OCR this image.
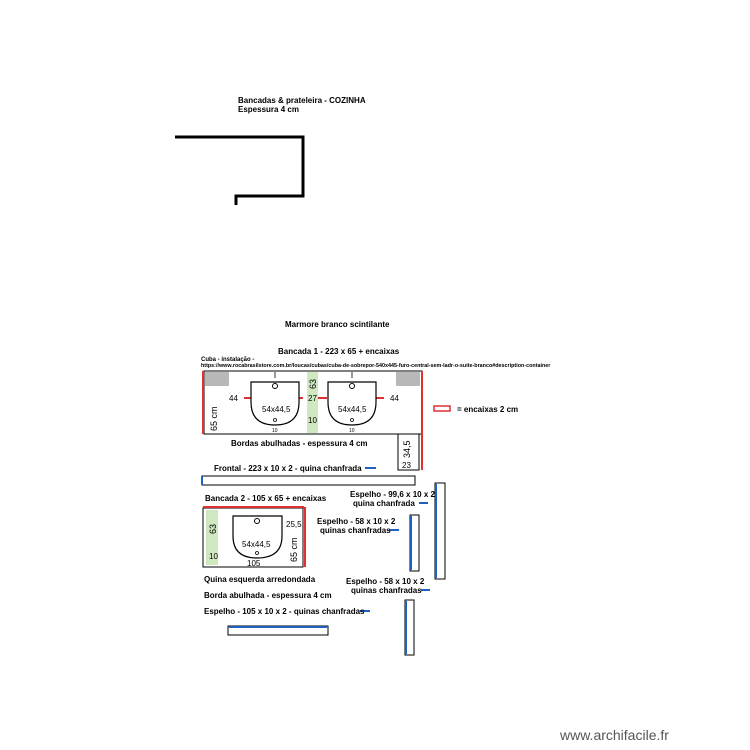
Bancadas & prateleira - COZINHA
Espessura 4 cm
Marmore branco scintilante
Bancada 1 - 223 x 65 + encaixas
Cuba - instalação -
https://www.rocabrasilstore.com.br/loucas/cubas/cuba-de-sobrepor-540x445-furo-central-sem-ladr-o-suite-branco#description-container
65 cm
44	27	44
63
10
54x44,5	54x44,5
10	10
34,5
23
Bordas abulhadas - espessura 4 cm
Frontal - 223 x 10 x 2 - quina chanfrada
= encaixas 2 cm
Bancada 2 - 105 x 65 + encaixas
63
10
25,5
65 cm
105
54x44,5
Quina esquerda arredondada
Borda abulhada - espessura 4 cm
Espelho - 105 x 10 x 2 - quinas chanfradas
Espelho - 99,6 x 10 x 2
quina chanfrada
Espelho - 58 x 10 x 2
quinas chanfradas
Espelho - 58 x 10 x 2
quinas chanfradas
www.archifacile.fr
